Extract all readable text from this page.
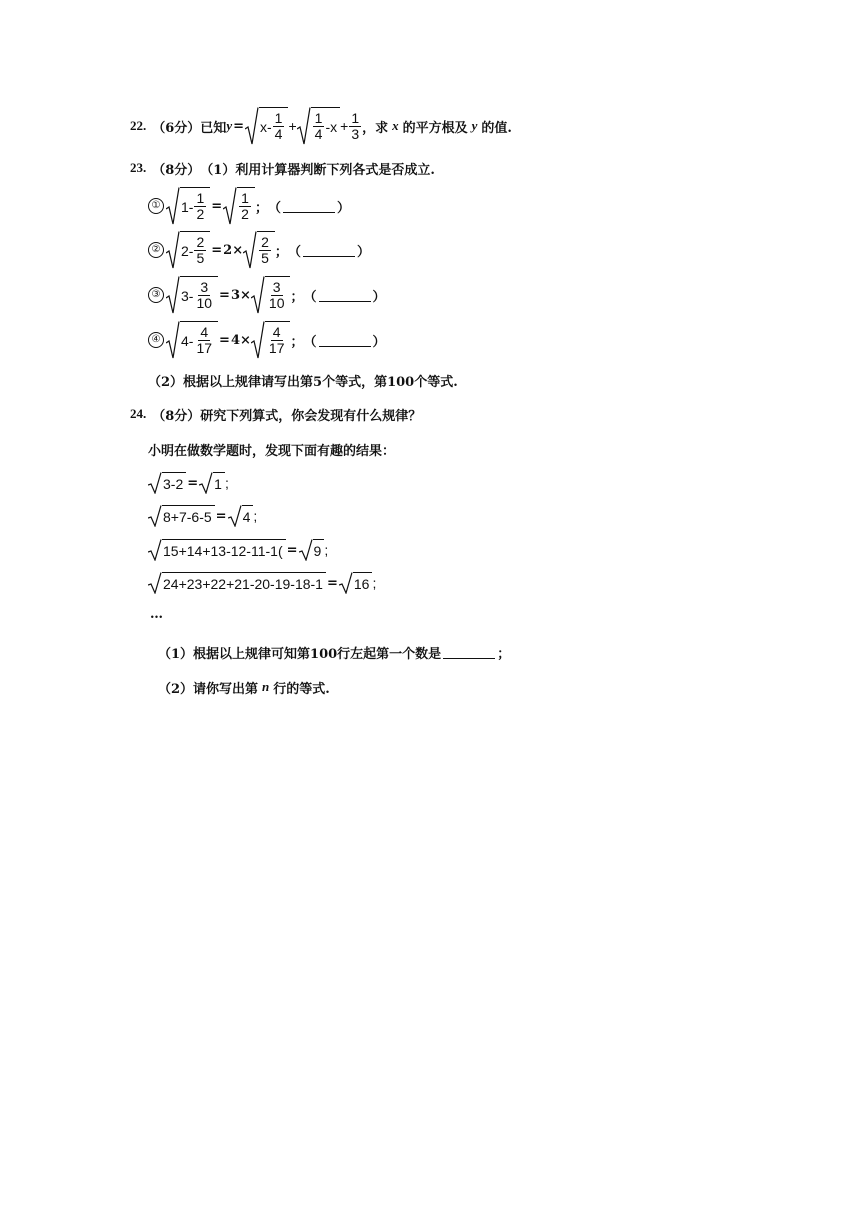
22. （6分） 已知 $y = x - \frac{1}{4} + \frac{1}{4} -x + \frac{1}{3}$ ，求 x 的平方根及 y 的值.
23. （8分） （1）利用计算器判断下列各式是否成立.
① $1 - \frac{1}{2} = \frac{1}{2}$ ； （	）
② $2 - \frac{2}{5} = 2\times \frac{2}{5}$ ； （	）
③ $3 - \frac{3}{10} = 3\times \frac{3}{10}$ ； （	）
④ $4 - \frac{4}{17} = 4\times \frac{4}{17}$ ； （	）
（2）根据以上规律请写出第5个等式，第100个等式.
24. （8分） 研究下列算式，你会发现有什么规律？
小明在做数学题时，发现下面有趣的结果：
3-2 = 1 ;
8+7-6-5 = 4 ;
15+14+13-12-11-1( = 9 ;
24+23+22+21-20-19-18-1 = 16 ;
…
（1）根据以上规律可知第100行左起第一个数是	；
（2）请你写出第 n 行的等式.
